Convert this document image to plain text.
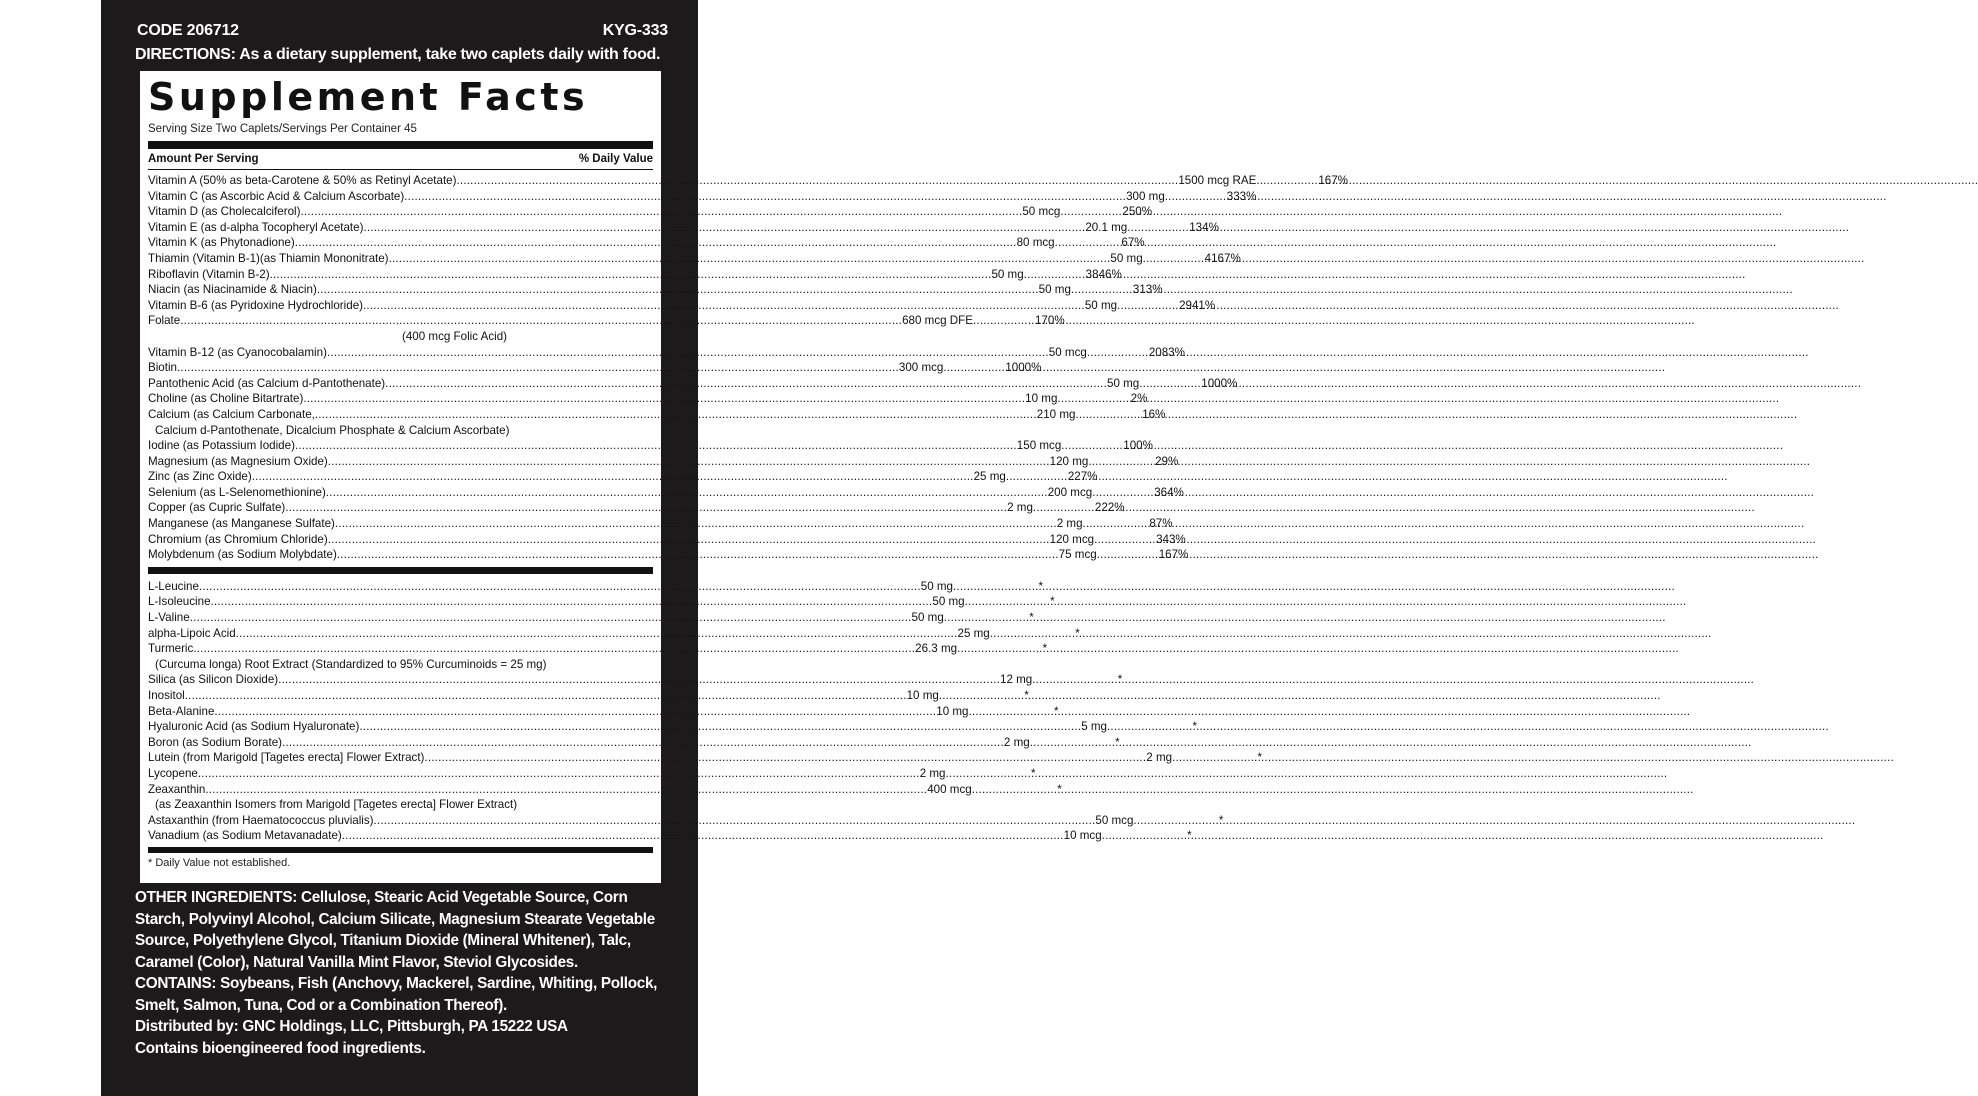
CODE 206712	KYG-333
DIRECTIONS: As a dietary supplement, take two caplets daily with food.
Supplement Facts
Serving Size Two Caplets/Servings Per Container 45
Amount Per Serving	% Daily Value
Vitamin A (50% as beta-Carotene & 50% as Retinyl Acetate) .....	1500 mcg RAE .....	167%
Vitamin C (as Ascorbic Acid & Calcium Ascorbate) .....	300 mg .....	333%
Vitamin D (as Cholecalciferol) .....	50 mcg .....	250%
Vitamin E (as d-alpha Tocopheryl Acetate) .....	20.1 mg .....	134%
Vitamin K (as Phytonadione) .....	80 mcg .....	67%
Thiamin (Vitamin B-1)(as Thiamin Mononitrate) .....	50 mg .....	4167%
Riboflavin (Vitamin B-2) .....	50 mg .....	3846%
Niacin (as Niacinamide & Niacin) .....	50 mg .....	313%
Vitamin B-6 (as Pyridoxine Hydrochloride) .....	50 mg .....	2941%
Folate .....	680 mcg DFE .....	170%
(400 mcg Folic Acid)
Vitamin B-12 (as Cyanocobalamin) .....	50 mcg .....	2083%
Biotin .....	300 mcg .....	1000%
Pantothenic Acid (as Calcium d-Pantothenate) .....	50 mg .....	1000%
Choline (as Choline Bitartrate) .....	10 mg .....	2%
Calcium (as Calcium Carbonate, .....	210 mg .....	16%
Calcium d-Pantothenate, Dicalcium Phosphate & Calcium Ascorbate)
Iodine (as Potassium Iodide) .....	150 mcg .....	100%
Magnesium (as Magnesium Oxide) .....	120 mg .....	29%
Zinc (as Zinc Oxide) .....	25 mg .....	227%
Selenium (as L-Selenomethionine) .....	200 mcg .....	364%
Copper (as Cupric Sulfate) .....	2 mg .....	222%
Manganese (as Manganese Sulfate) .....	2 mg .....	87%
Chromium (as Chromium Chloride) .....	120 mcg .....	343%
Molybdenum (as Sodium Molybdate) .....	75 mcg .....	167%
L-Leucine .....	50 mg .....	*
L-Isoleucine .....	50 mg .....	*
L-Valine .....	50 mg .....	*
alpha-Lipoic Acid .....	25 mg .....	*
Turmeric .....	26.3 mg .....	*
(Curcuma longa) Root Extract (Standardized to 95% Curcuminoids = 25 mg)
Silica (as Silicon Dioxide) .....	12 mg .....	*
Inositol .....	10 mg .....	*
Beta-Alanine .....	10 mg .....	*
Hyaluronic Acid (as Sodium Hyaluronate) .....	5 mg .....	*
Boron (as Sodium Borate) .....	2 mg .....	*
Lutein (from Marigold [Tagetes erecta] Flower Extract) .....	2 mg .....	*
Lycopene .....	2 mg .....	*
Zeaxanthin .....	400 mcg .....	*
(as Zeaxanthin Isomers from Marigold [Tagetes erecta] Flower Extract)
Astaxanthin (from Haematococcus pluvialis) .....	50 mcg .....	*
Vanadium (as Sodium Metavanadate) .....	10 mcg .....	*
* Daily Value not established.

OTHER INGREDIENTS: Cellulose, Stearic Acid Vegetable Source, Corn Starch, Polyvinyl Alcohol, Calcium Silicate, Magnesium Stearate Vegetable Source, Polyethylene Glycol, Titanium Dioxide (Mineral Whitener), Talc, Caramel (Color), Natural Vanilla Mint Flavor, Steviol Glycosides.

CONTAINS: Soybeans, Fish (Anchovy, Mackerel, Sardine, Whiting, Pollock, Smelt, Salmon, Tuna, Cod or a Combination Thereof).

Distributed by: GNC Holdings, LLC, Pittsburgh, PA 15222 USA

Contains bioengineered food ingredients.
